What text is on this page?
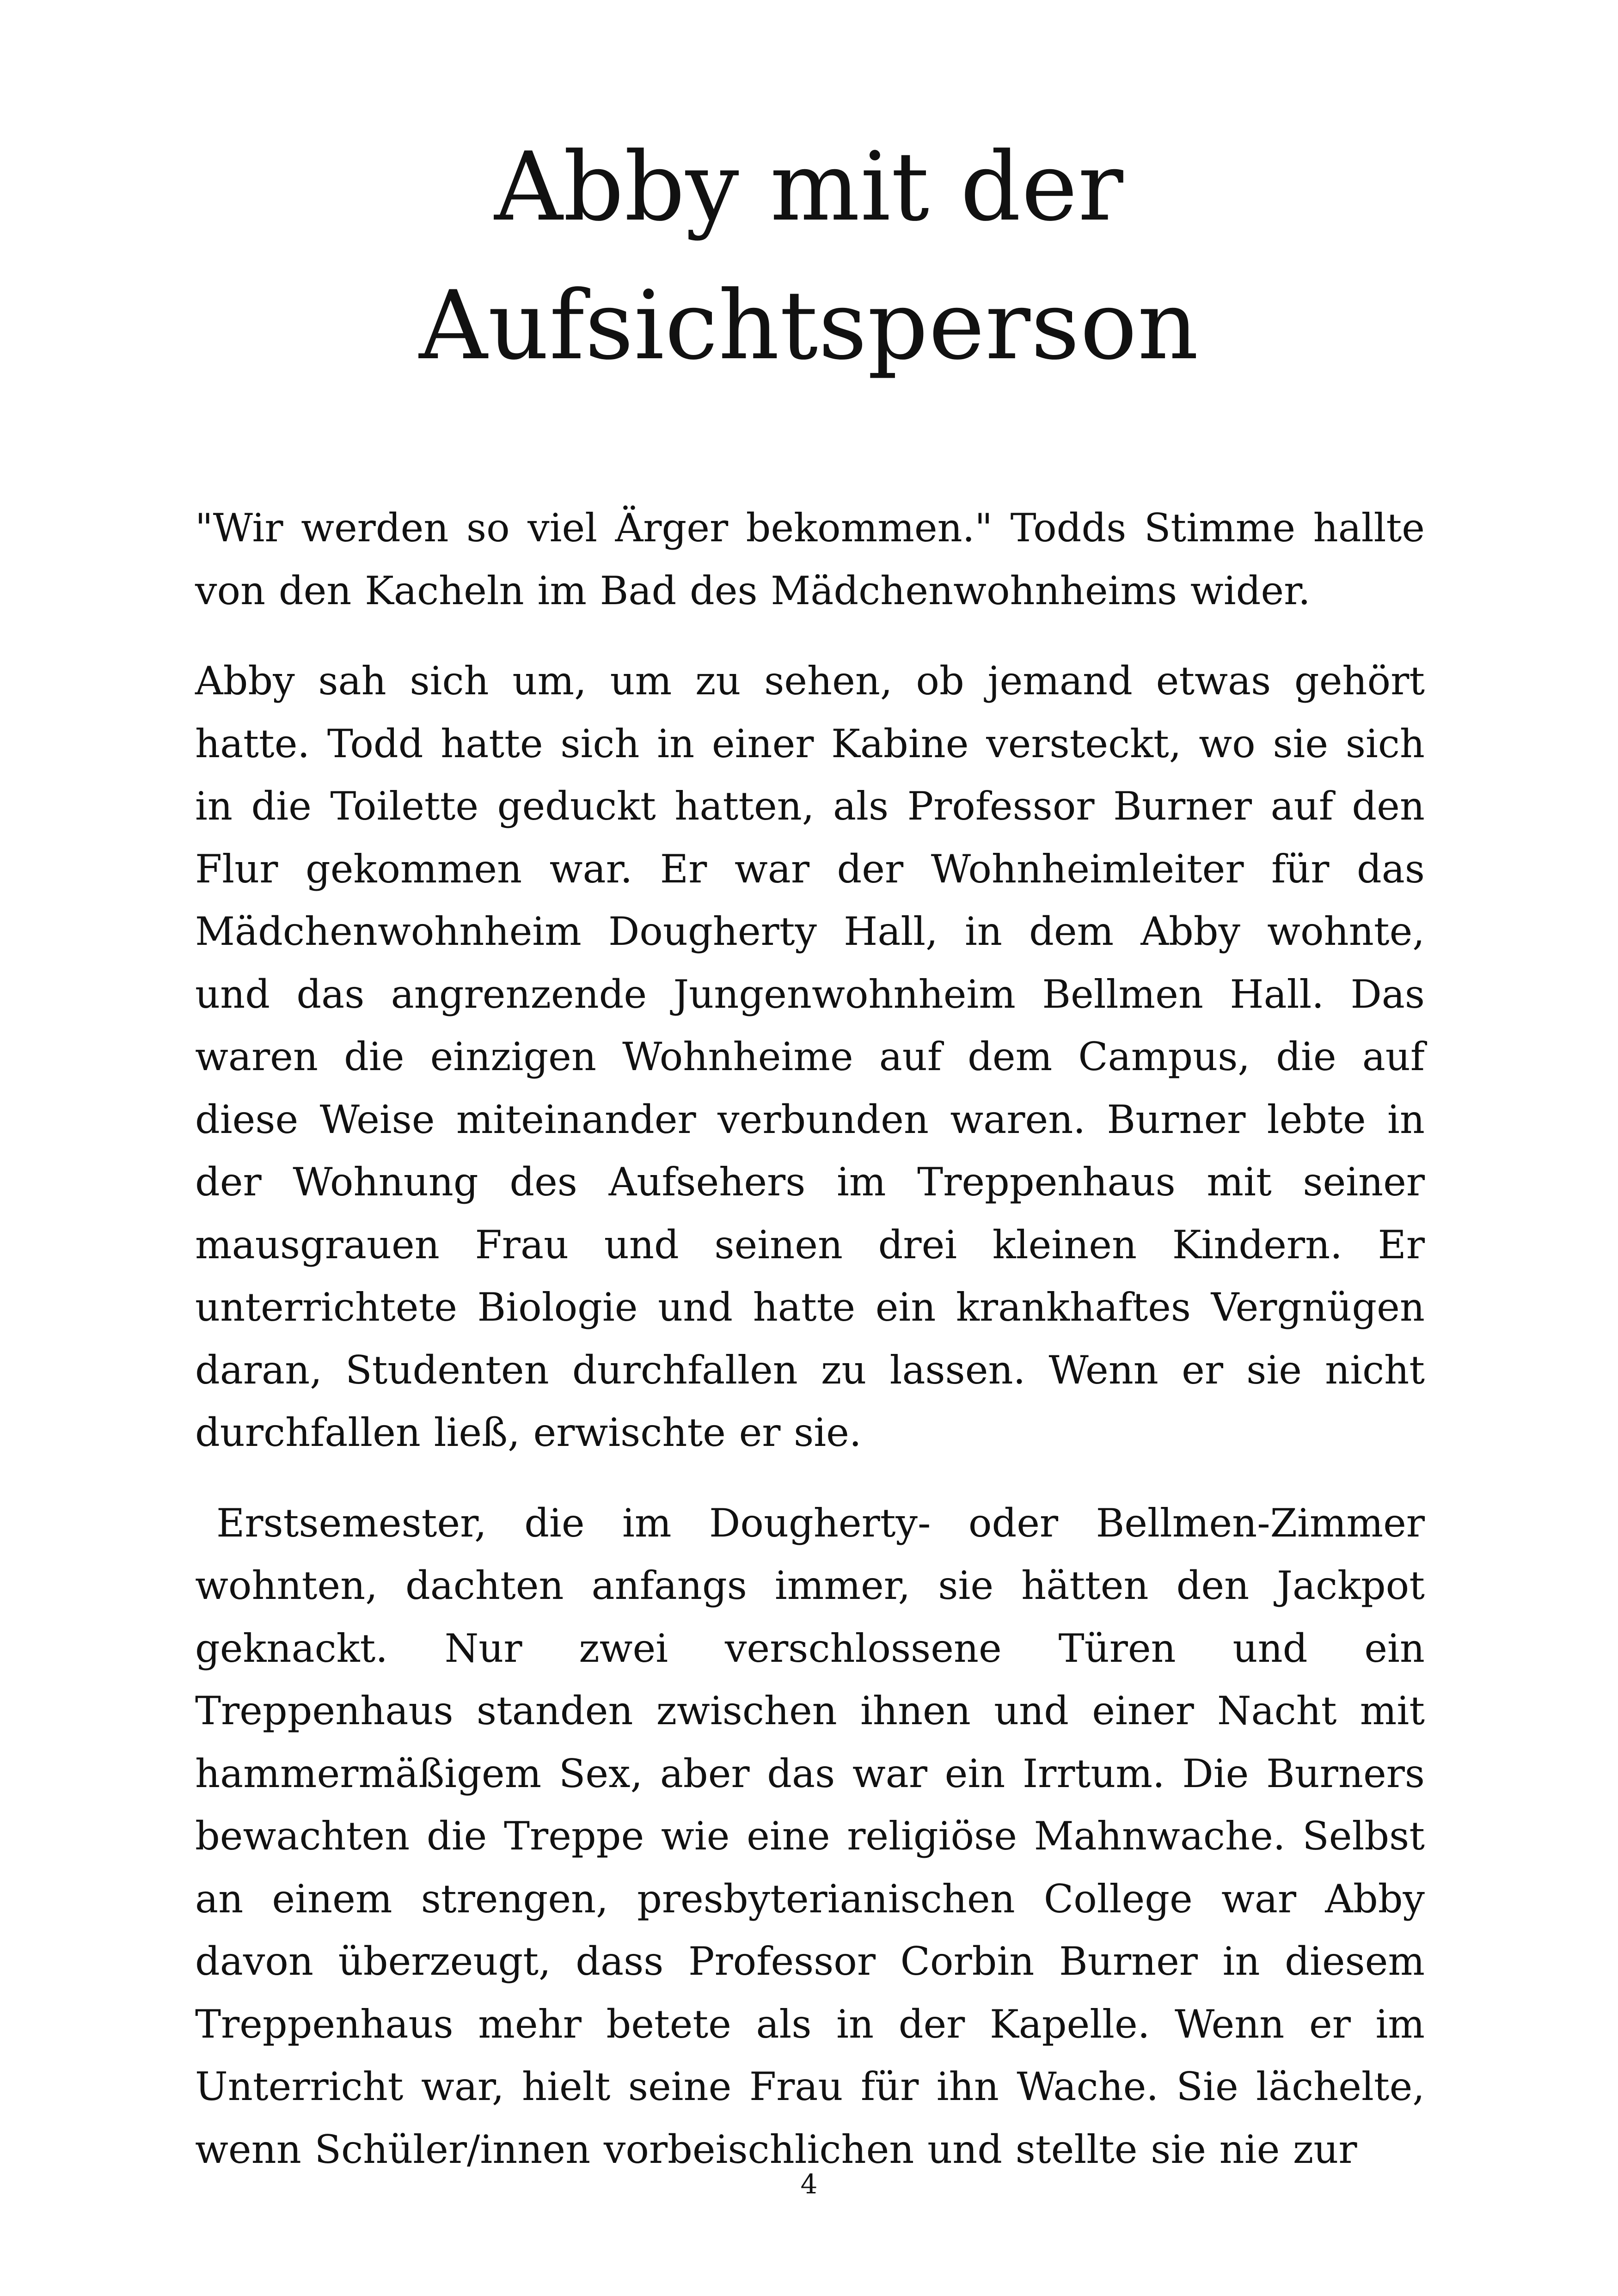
Abby mit der
Aufsichtsperson

"Wir werden so viel Ärger bekommen." Todds Stimme hallte von den Kacheln im Bad des Mädchenwohnheims wider.

Abby sah sich um, um zu sehen, ob jemand etwas gehört hatte. Todd hatte sich in einer Kabine versteckt, wo sie sich in die Toilette geduckt hatten, als Professor Burner auf den Flur gekommen war. Er war der Wohnheimleiter für das Mädchenwohnheim Dougherty Hall, in dem Abby wohnte, und das angrenzende Jungenwohnheim Bellmen Hall. Das waren die einzigen Wohnheime auf dem Campus, die auf diese Weise miteinander verbunden waren. Burner lebte in der Wohnung des Aufsehers im Treppenhaus mit seiner mausgrauen Frau und seinen drei kleinen Kindern. Er unterrichtete Biologie und hatte ein krankhaftes Vergnügen daran, Studenten durchfallen zu lassen. Wenn er sie nicht durchfallen ließ, erwischte er sie.

Erstsemester, die im Dougherty- oder Bellmen-Zimmer wohnten, dachten anfangs immer, sie hätten den Jackpot geknackt. Nur zwei verschlossene Türen und ein Treppenhaus standen zwischen ihnen und einer Nacht mit hammermäßigem Sex, aber das war ein Irrtum. Die Burners bewachten die Treppe wie eine religiöse Mahnwache. Selbst an einem strengen, presbyterianischen College war Abby davon überzeugt, dass Professor Corbin Burner in diesem Treppenhaus mehr betete als in der Kapelle. Wenn er im Unterricht war, hielt seine Frau für ihn Wache. Sie lächelte, wenn Schüler/innen vorbeischlichen und stellte sie nie zur

4
